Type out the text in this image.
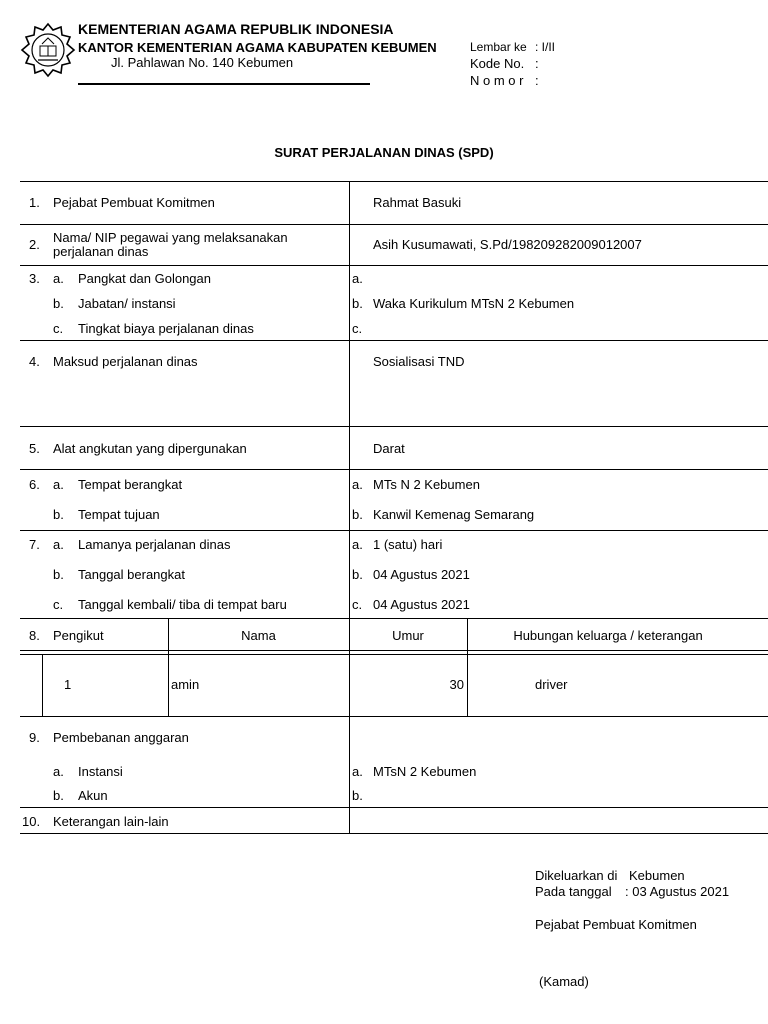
KEMENTERIAN AGAMA REPUBLIK INDONESIA
KANTOR KEMENTERIAN AGAMA KABUPATEN KEBUMEN
Jl. Pahlawan No. 140 Kebumen
Lembar ke : I/II
Kode No. :
N o m o r :
SURAT PERJALANAN DINAS (SPD)
1. Pejabat Pembuat Komitmen	Rahmat Basuki
2. Nama/ NIP pegawai yang melaksanakan
perjalanan dinas	Asih Kusumawati, S.Pd/198209282009012007
3. a. Pangkat dan Golongan	a.
b. Jabatan/ instansi	b. Waka Kurikulum MTsN 2 Kebumen
c. Tingkat biaya perjalanan dinas	c.
4. Maksud perjalanan dinas	Sosialisasi TND
5. Alat angkutan yang dipergunakan	Darat
6. a. Tempat berangkat	a. MTs N 2 Kebumen
b. Tempat tujuan	b. Kanwil Kemenag Semarang
7. a. Lamanya perjalanan dinas	a. 1 (satu) hari
b. Tanggal berangkat	b. 04 Agustus 2021
c. Tanggal kembali/ tiba di tempat baru	c. 04 Agustus 2021
8. Pengikut	Nama	Umur	Hubungan keluarga / keterangan
1	amin	30	driver
9. Pembebanan anggaran
a. Instansi	a. MTsN 2 Kebumen
b. Akun	b.
10. Keterangan lain-lain
Dikeluarkan di Kebumen
Pada tanggal : 03 Agustus 2021
Pejabat Pembuat Komitmen
(Kamad)
